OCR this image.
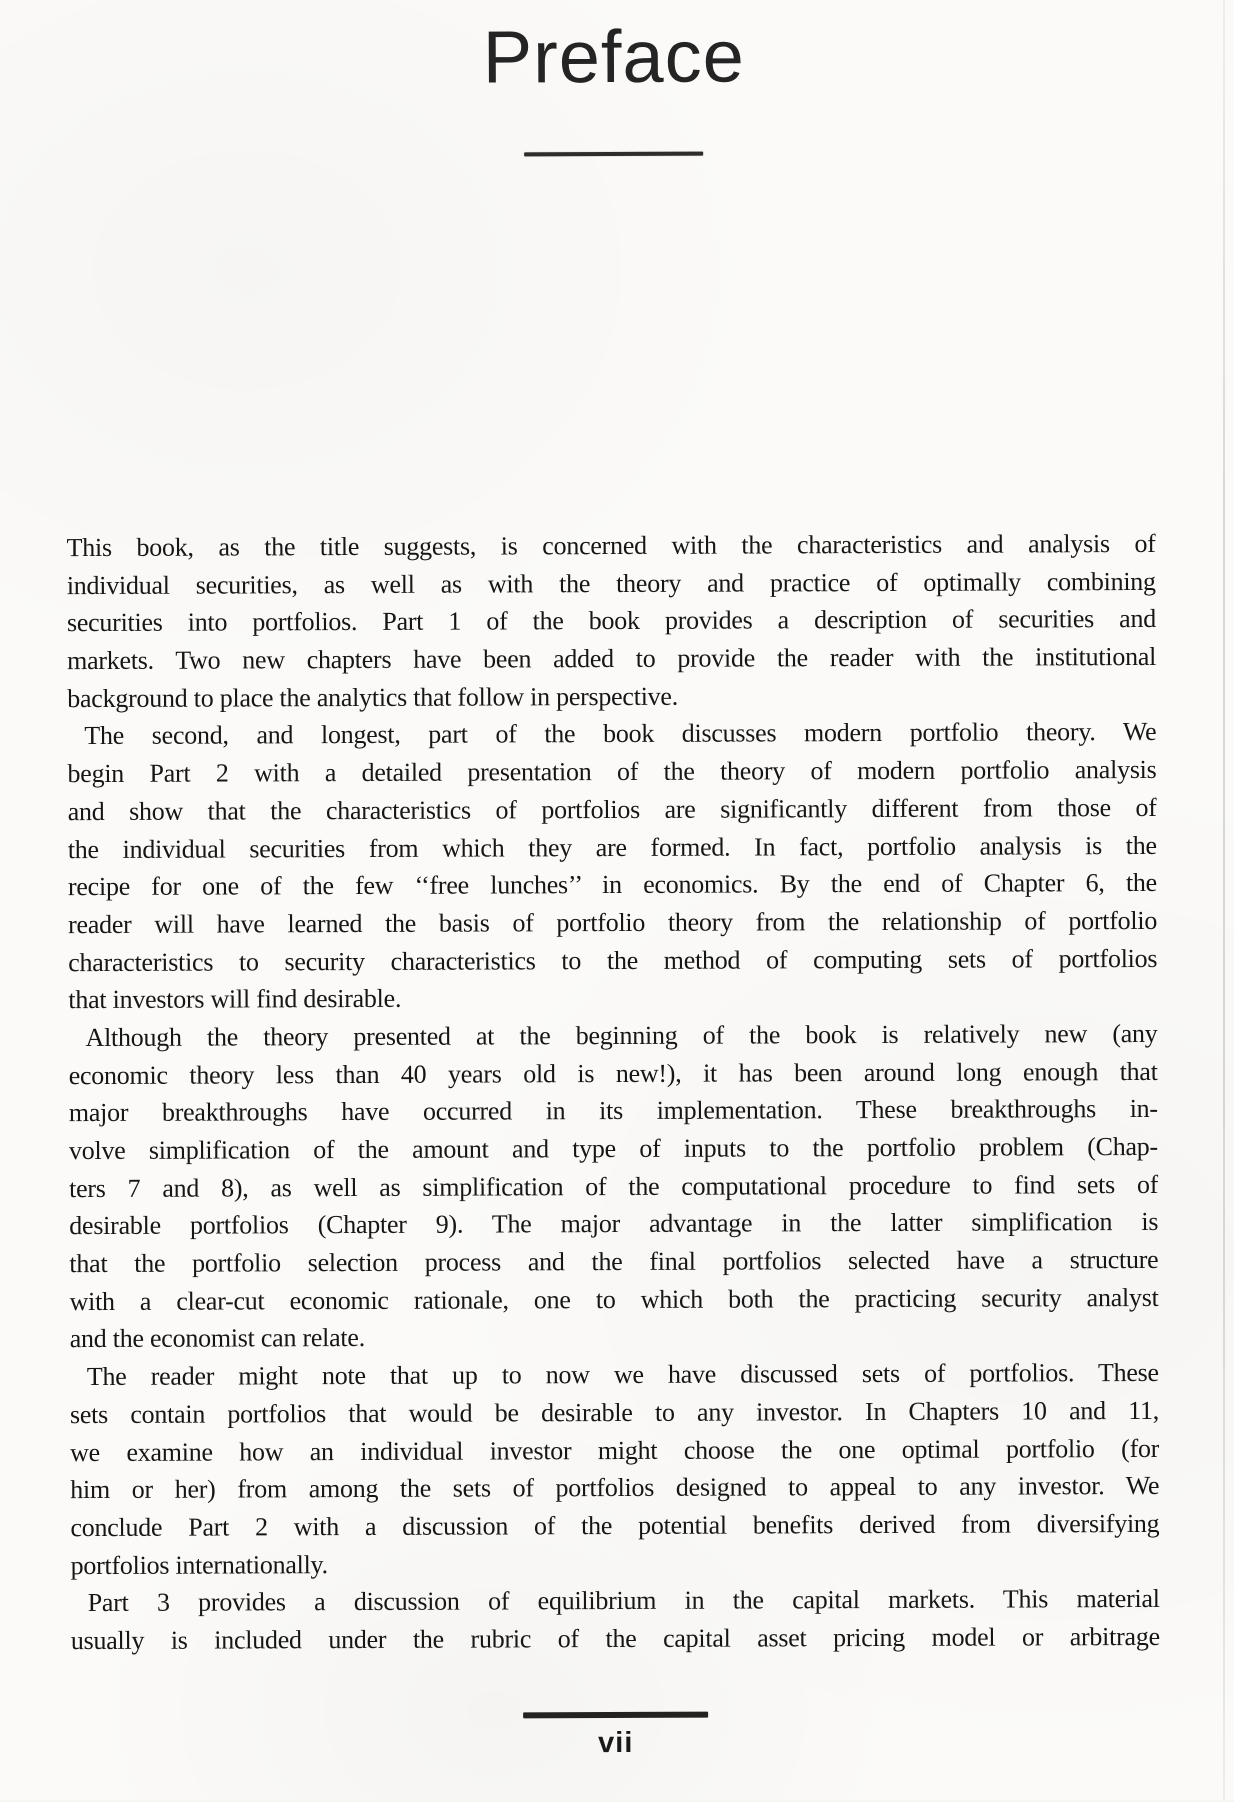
Preface
This book, as the title suggests, is concerned with the characteristics and analysis of
individual securities, as well as with the theory and practice of optimally combining
securities into portfolios. Part 1 of the book provides a description of securities and
markets. Two new chapters have been added to provide the reader with the institutional
background to place the analytics that follow in perspective.
The second, and longest, part of the book discusses modern portfolio theory. We
begin Part 2 with a detailed presentation of the theory of modern portfolio analysis
and show that the characteristics of portfolios are significantly different from those of
the individual securities from which they are formed. In fact, portfolio analysis is the
recipe for one of the few ‘‘free lunches’’ in economics. By the end of Chapter 6, the
reader will have learned the basis of portfolio theory from the relationship of portfolio
characteristics to security characteristics to the method of computing sets of portfolios
that investors will find desirable.
Although the theory presented at the beginning of the book is relatively new (any
economic theory less than 40 years old is new!), it has been around long enough that
major breakthroughs have occurred in its implementation. These breakthroughs in-
volve simplification of the amount and type of inputs to the portfolio problem (Chap-
ters 7 and 8), as well as simplification of the computational procedure to find sets of
desirable portfolios (Chapter 9). The major advantage in the latter simplification is
that the portfolio selection process and the final portfolios selected have a structure
with a clear-cut economic rationale, one to which both the practicing security analyst
and the economist can relate.
The reader might note that up to now we have discussed sets of portfolios. These
sets contain portfolios that would be desirable to any investor. In Chapters 10 and 11,
we examine how an individual investor might choose the one optimal portfolio (for
him or her) from among the sets of portfolios designed to appeal to any investor. We
conclude Part 2 with a discussion of the potential benefits derived from diversifying
portfolios internationally.
Part 3 provides a discussion of equilibrium in the capital markets. This material
usually is included under the rubric of the capital asset pricing model or arbitrage
vii
